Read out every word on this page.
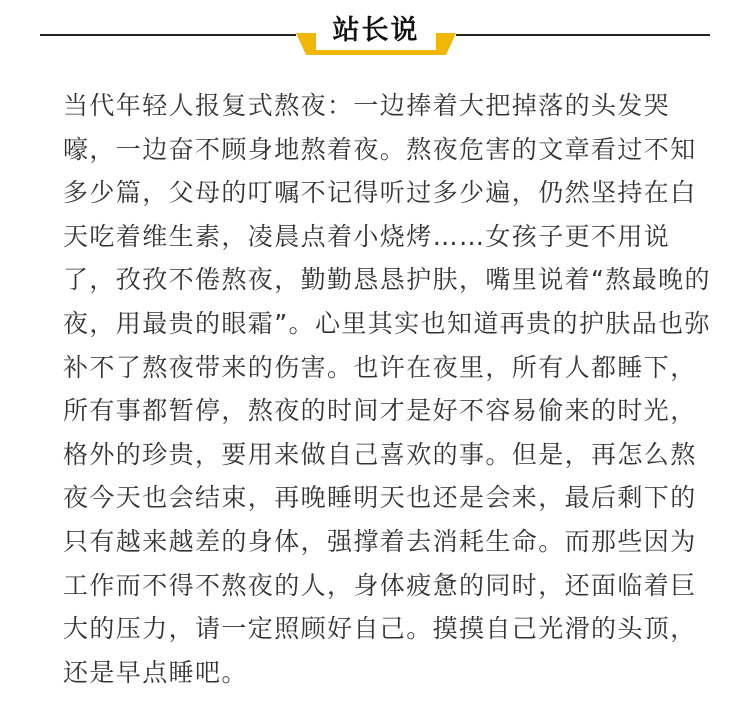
站长说
当代年轻人报复式熬夜：一边捧着大把掉落的头发哭
嚎，一边奋不顾身地熬着夜。熬夜危害的文章看过不知
多少篇，父母的叮嘱不记得听过多少遍，仍然坚持在白
天吃着维生素，凌晨点着小烧烤……女孩子更不用说
了，孜孜不倦熬夜，勤勤恳恳护肤，嘴里说着“熬最晚的
夜，用最贵的眼霜”。心里其实也知道再贵的护肤品也弥
补不了熬夜带来的伤害。也许在夜里，所有人都睡下，
所有事都暂停，熬夜的时间才是好不容易偷来的时光，
格外的珍贵，要用来做自己喜欢的事。但是，再怎么熬
夜今天也会结束，再晚睡明天也还是会来，最后剩下的
只有越来越差的身体，强撑着去消耗生命。而那些因为
工作而不得不熬夜的人，身体疲惫的同时，还面临着巨
大的压力，请一定照顾好自己。摸摸自己光滑的头顶，
还是早点睡吧。
